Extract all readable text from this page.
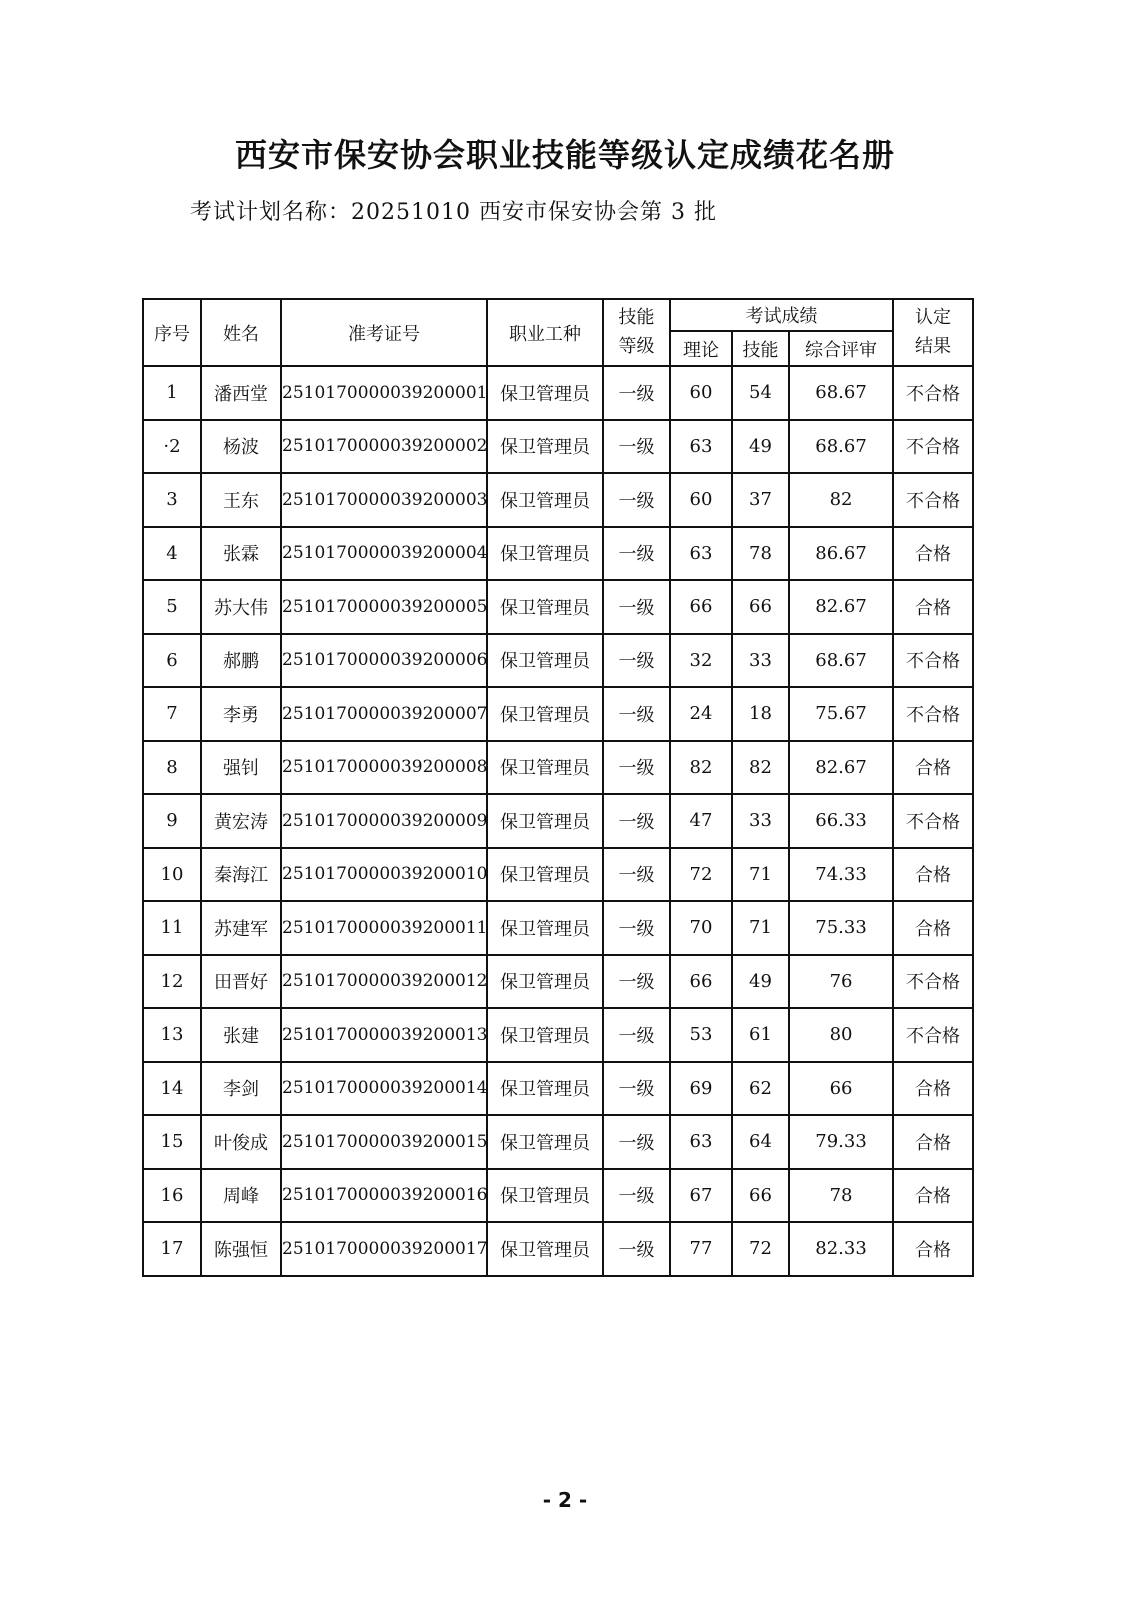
西安市保安协会职业技能等级认定成绩花名册
考试计划名称：20251010 西安市保安协会第 3 批
序号	姓名	准考证号	职业工种	技能等级	考试成绩			认定结果
					理论	技能	综合评审	
1	潘西堂	2510170000039200001	保卫管理员	一级	60	54	68.67	不合格
·2	杨波	2510170000039200002	保卫管理员	一级	63	49	68.67	不合格
3	王东	2510170000039200003	保卫管理员	一级	60	37	82	不合格
4	张霖	2510170000039200004	保卫管理员	一级	63	78	86.67	合格
5	苏大伟	2510170000039200005	保卫管理员	一级	66	66	82.67	合格
6	郝鹏	2510170000039200006	保卫管理员	一级	32	33	68.67	不合格
7	李勇	2510170000039200007	保卫管理员	一级	24	18	75.67	不合格
8	强钊	2510170000039200008	保卫管理员	一级	82	82	82.67	合格
9	黄宏涛	2510170000039200009	保卫管理员	一级	47	33	66.33	不合格
10	秦海江	2510170000039200010	保卫管理员	一级	72	71	74.33	合格
11	苏建军	2510170000039200011	保卫管理员	一级	70	71	75.33	合格
12	田晋好	2510170000039200012	保卫管理员	一级	66	49	76	不合格
13	张建	2510170000039200013	保卫管理员	一级	53	61	80	不合格
14	李剑	2510170000039200014	保卫管理员	一级	69	62	66	合格
15	叶俊成	2510170000039200015	保卫管理员	一级	63	64	79.33	合格
16	周峰	2510170000039200016	保卫管理员	一级	67	66	78	合格
17	陈强恒	2510170000039200017	保卫管理员	一级	77	72	82.33	合格
- 2 -
